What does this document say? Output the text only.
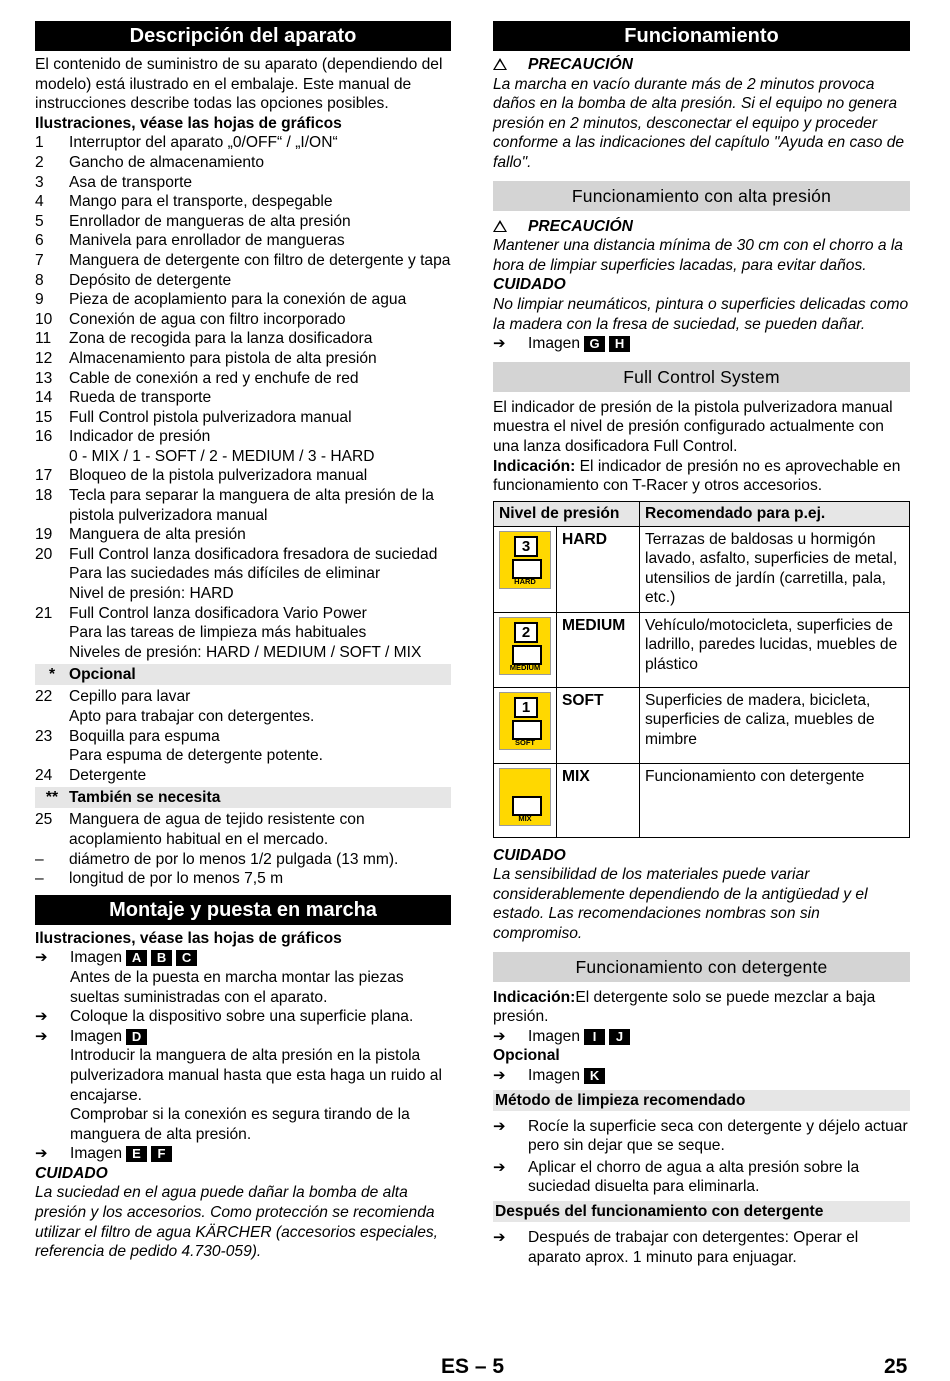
Descripción del aparato
El contenido de suministro de su aparato (dependiendo del modelo) está ilustrado en el embalaje. Este manual de instrucciones describe todas las opciones posibles.
Ilustraciones, véase las hojas de gráficos
1	Interruptor del aparato „0/OFF“ / „I/ON“
2	Gancho de almacenamiento
3	Asa de transporte
4	Mango para el transporte, despegable
5	Enrollador de mangueras de alta presión
6	Manivela para enrollador de mangueras
7	Manguera de detergente con filtro de detergente y tapa
8	Depósito de detergente
9	Pieza de acoplamiento para la conexión de agua
10	Conexión de agua con filtro incorporado
11	Zona de recogida para la lanza dosificadora
12	Almacenamiento para pistola de alta presión
13	Cable de conexión a red y enchufe de red
14	Rueda de transporte
15	Full Control pistola pulverizadora manual
16	Indicador de presión
0 - MIX / 1 - SOFT / 2 - MEDIUM / 3 - HARD
17	Bloqueo de la pistola pulverizadora manual
18	Tecla para separar la manguera de alta presión de la pistola pulverizadora manual
19	Manguera de alta presión
20	Full Control lanza dosificadora fresadora de suciedad
Para las suciedades más difíciles de eliminar
Nivel de presión: HARD
21	Full Control lanza dosificadora Vario Power
Para las tareas de limpieza más habituales
Niveles de presión: HARD / MEDIUM / SOFT / MIX
* Opcional
22	Cepillo para lavar
Apto para trabajar con detergentes.
23	Boquilla para espuma
Para espuma de detergente potente.
24	Detergente
** También se necesita
25	Manguera de agua de tejido resistente con acoplamiento habitual en el mercado.
–	diámetro de por lo menos 1/2 pulgada (13 mm).
–	longitud de por lo menos 7,5 m
Montaje y puesta en marcha
Ilustraciones, véase las hojas de gráficos
➔	Imagen A B C
Antes de la puesta en marcha montar las piezas sueltas suministradas con el aparato.
➔	Coloque la dispositivo sobre una superficie plana.
➔	Imagen D
Introducir la manguera de alta presión en la pistola pulverizadora manual hasta que esta haga un ruido al encajarse.
Comprobar si la conexión es segura tirando de la manguera de alta presión.
➔	Imagen E F
CUIDADO
La suciedad en el agua puede dañar la bomba de alta presión y los accesorios. Como protección se recomienda utilizar el filtro de agua KÄRCHER (accesorios especiales, referencia de pedido 4.730-059).
Funcionamiento
PRECAUCIÓN
La marcha en vacío durante más de 2 minutos provoca daños en la bomba de alta presión. Si el equipo no genera presión en 2 minutos, desconectar el equipo y proceder conforme a las indicaciones del capítulo "Ayuda en caso de fallo".
Funcionamiento con alta presión
PRECAUCIÓN
Mantener una distancia mínima de 30 cm con el chorro a la hora de limpiar superficies lacadas, para evitar daños.
CUIDADO
No limpiar neumáticos, pintura o superficies delicadas como la madera con la fresa de suciedad, se pueden dañar.
➔	Imagen G H
Full Control System
El indicador de presión de la pistola pulverizadora manual muestra el nivel de presión configurado actualmente con una lanza dosificadora Full Control.
Indicación: El indicador de presión no es aprovechable en funcionamiento con T-Racer y otros accesorios.
Nivel de presión		Recomendado para p.ej.

3
HARD	HARD	Terrazas de baldosas u hormigón lavado, asfalto, superficies de metal, utensilios de jardín (carretilla, pala, etc.)

2
MEDIUM	MEDIUM	Vehículo/motocicleta, superficies de ladrillo, paredes lucidas, muebles de plástico

1
SOFT	SOFT	Superficies de madera, bicicleta, superficies de caliza, muebles de mimbre

MIX	MIX	Funcionamiento con detergente
CUIDADO
La sensibilidad de los materiales puede variar considerablemente dependiendo de la antigüedad y el estado. Las recomendaciones nombras son sin compromiso.
Funcionamiento con detergente
Indicación:El detergente solo se puede mezclar a baja presión.
➔	Imagen I J
Opcional
➔	Imagen K
Método de limpieza recomendado
➔	Rocíe la superficie seca con detergente y déjelo actuar pero sin dejar que se seque.
➔	Aplicar el chorro de agua a alta presión sobre la suciedad disuelta para eliminarla.
Después del funcionamiento con detergente
➔	Después de trabajar con detergentes: Operar el aparato aprox. 1 minuto para enjuagar.
ES – 5	25
